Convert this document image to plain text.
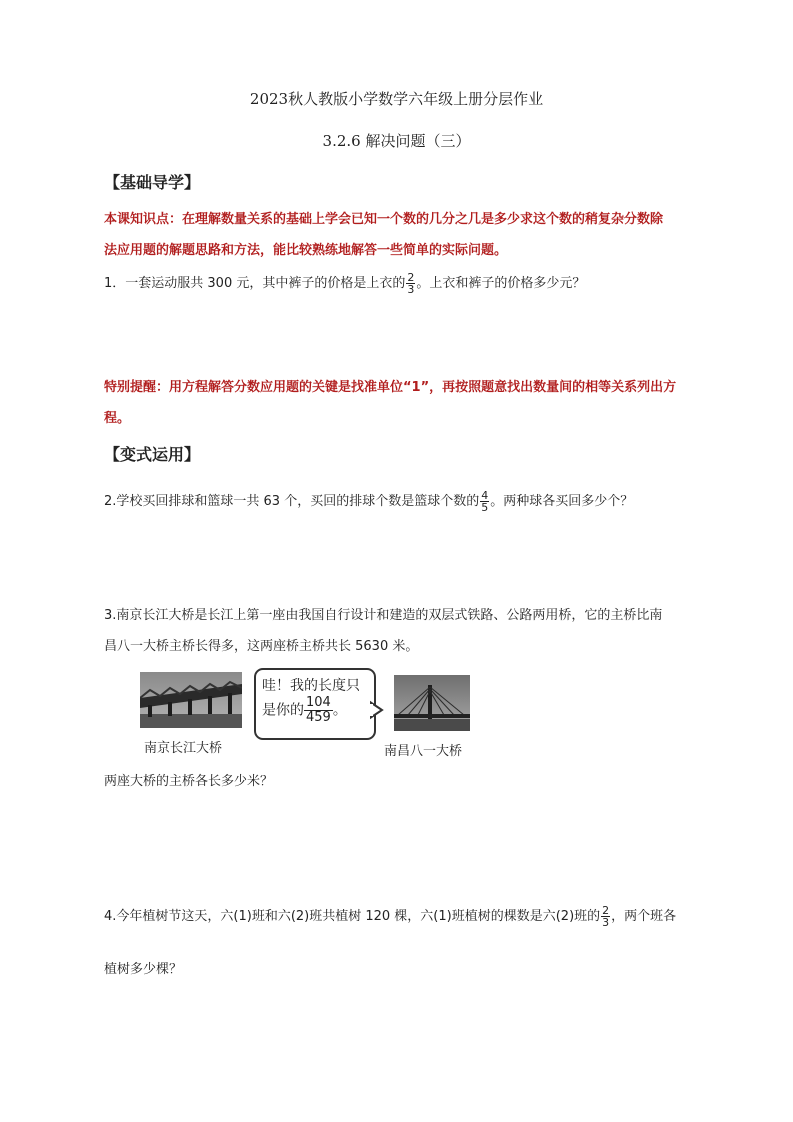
2023秋人教版小学数学六年级上册分层作业
3.2.6 解决问题（三）
【基础导学】
本课知识点：在理解数量关系的基础上学会已知一个数的几分之几是多少求这个数的稍复杂分数除
法应用题的解题思路和方法，能比较熟练地解答一些简单的实际问题。
1．一套运动服共 300 元，其中裤子的价格是上衣的 $\frac{2}{3}$ 。上衣和裤子的价格多少元？
特别提醒：用方程解答分数应用题的关键是找准单位“1”，再按照题意找出数量间的相等关系列出方
程。
【变式运用】
2.学校买回排球和篮球一共 63 个，买回的排球个数是篮球个数的 $\frac{4}{5}$ 。两种球各买回多少个？
3.南京长江大桥是长江上第一座由我国自行设计和建造的双层式铁路、公路两用桥，它的主桥比南
昌八一大桥主桥长得多，这两座桥主桥共长 5630 米。
哇！我的长度只
是你的 $\frac{104}{459}$ 。
南京长江大桥	南昌八一大桥
两座大桥的主桥各长多少米？
4.今年植树节这天，六(1)班和六(2)班共植树 120 棵，六(1)班植树的棵数是六(2)班的 $\frac{2}{3}$ ，两个班各
植树多少棵？
